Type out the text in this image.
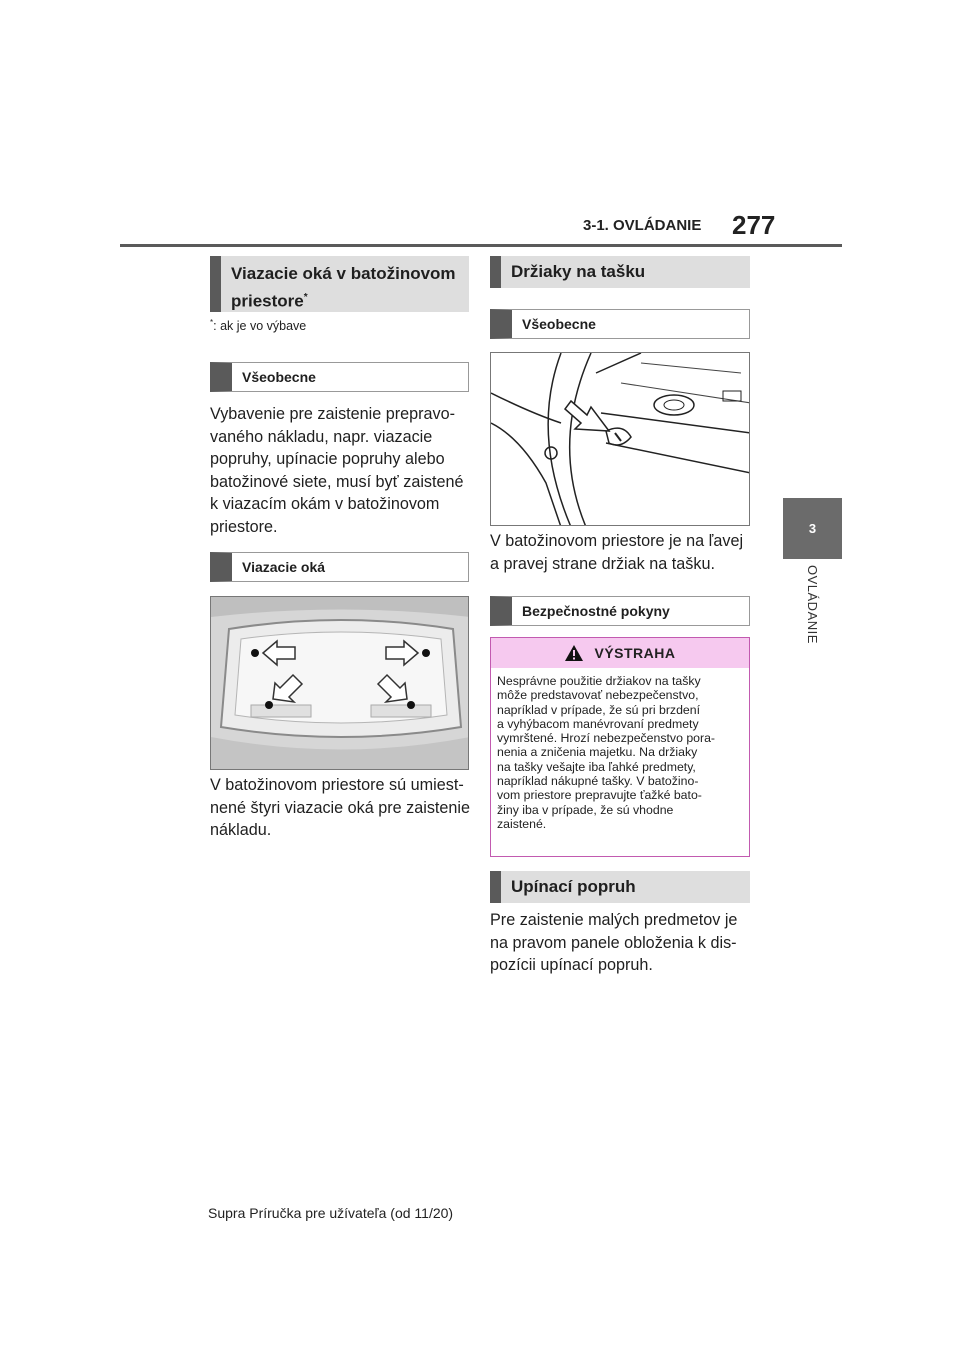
3-1. OVLÁDANIE 277
3
OVLÁDANIE
Viazacie oká v batožinovom priestore*
*: ak je vo výbave
Všeobecne
Vybavenie pre zaistenie prepravo-
vaného nákladu, napr. viazacie
popruhy, upínacie popruhy alebo
batožinové siete, musí byť zaistené
k viazacím okám v batožinovom
priestore.
Viazacie oká
V batožinovom priestore sú umiest-
nené štyri viazacie oká pre zaistenie
nákladu.
Držiaky na tašku
Všeobecne
V batožinovom priestore je na ľavej
a pravej strane držiak na tašku.
Bezpečnostné pokyny
VÝSTRAHA
Nesprávne použitie držiakov na tašky
môže predstavovať nebezpečenstvo,
napríklad v prípade, že sú pri brzdení
a vyhýbacom manévrovaní predmety
vymrštené. Hrozí nebezpečenstvo pora-
nenia a zničenia majetku. Na držiaky
na tašky vešajte iba ľahké predmety,
napríklad nákupné tašky. V batožino-
vom priestore prepravujte ťažké bato-
žiny iba v prípade, že sú vhodne
zaistené.
Upínací popruh
Pre zaistenie malých predmetov je
na pravom panele obloženia k dis-
pozícii upínací popruh.
Supra Príručka pre užívateľa (od 11/20)
